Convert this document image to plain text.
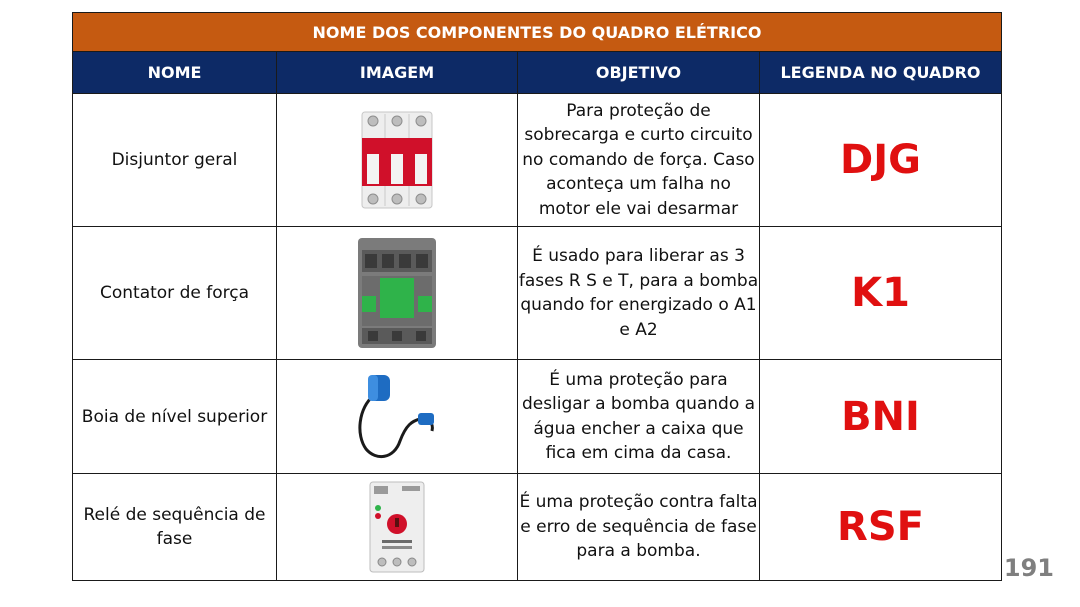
NOME DOS COMPONENTES DO QUADRO ELÉTRICO			
NOME	IMAGEM	OBJETIVO	LEGENDA NO QUADRO
Disjuntor geral		Para proteção de sobrecarga e curto circuito no comando de força. Caso aconteça um falha no motor ele vai desarmar	DJG
Contator de força		É usado para liberar as 3 fases R S e T, para a bomba quando for energizado o A1 e A2	K1
Boia de nível superior		É uma proteção para desligar a bomba quando a água encher a caixa que fica em cima da casa.	BNI
Relé de sequência de fase		É uma proteção contra falta e erro de sequência de fase para a bomba.	RSF
191
